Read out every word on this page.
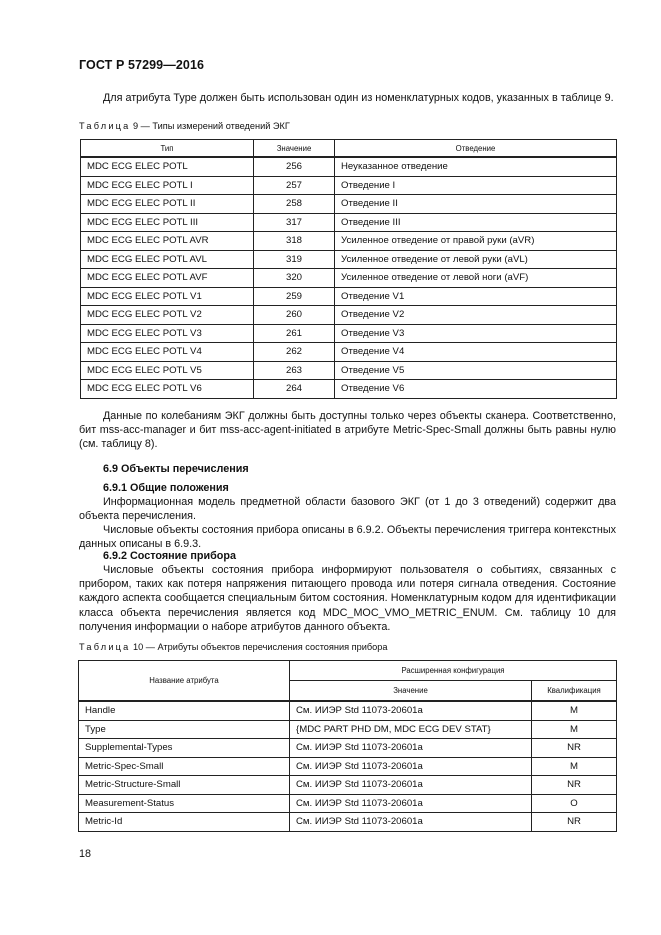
ГОСТ Р 57299—2016
Для атрибута Type должен быть использован один из номенклатурных кодов, указанных в таблице 9.
Таблица 9 — Типы измерений отведений ЭКГ
Тип	Значение	Отведение
MDC ECG ELEC POTL	256	Неуказанное отведение
MDC ECG ELEC POTL I	257	Отведение I
MDC ECG ELEC POTL II	258	Отведение II
MDC ECG ELEC POTL III	317	Отведение III
MDC ECG ELEC POTL AVR	318	Усиленное отведение от правой руки (aVR)
MDC ECG ELEC POTL AVL	319	Усиленное отведение от левой руки (aVL)
MDC ECG ELEC POTL AVF	320	Усиленное отведение от левой ноги (aVF)
MDC ECG ELEC POTL V1	259	Отведение V1
MDC ECG ELEC POTL V2	260	Отведение V2
MDC ECG ELEC POTL V3	261	Отведение V3
MDC ECG ELEC POTL V4	262	Отведение V4
MDC ECG ELEC POTL V5	263	Отведение V5
MDC ECG ELEC POTL V6	264	Отведение V6
Данные по колебаниям ЭКГ должны быть доступны только через объекты сканера. Соответственно, бит mss-acc-manager и бит mss-acc-agent-initiated в атрибуте Metric-Spec-Small должны быть равны нулю (см. таблицу 8).
6.9 Объекты перечисления
6.9.1 Общие положения
Информационная модель предметной области базового ЭКГ (от 1 до 3 отведений) содержит два объекта перечисления.
Числовые объекты состояния прибора описаны в 6.9.2. Объекты перечисления триггера контекстных данных описаны в 6.9.3.
6.9.2 Состояние прибора
Числовые объекты состояния прибора информируют пользователя о событиях, связанных с прибором, таких как потеря напряжения питающего провода или потеря сигнала отведения. Состояние каждого аспекта сообщается специальным битом состояния. Номенклатурным кодом для идентификации класса объекта перечисления является код MDC_MOC_VMO_METRIC_ENUM. См. таблицу 10 для получения информации о наборе атрибутов данного объекта.
Таблица 10 — Атрибуты объектов перечисления состояния прибора
Название атрибута	Расширенная конфигурация	
	Значение	Квалификация
Handle	См. ИИЭР Std 11073-20601a	M
Type	{MDC PART PHD DM, MDC ECG DEV STAT}	M
Supplemental-Types	См. ИИЭР Std 11073-20601a	NR
Metric-Spec-Small	См. ИИЭР Std 11073-20601a	M
Metric-Structure-Small	См. ИИЭР Std 11073-20601a	NR
Measurement-Status	См. ИИЭР Std 11073-20601a	O
Metric-Id	См. ИИЭР Std 11073-20601a	NR
18
